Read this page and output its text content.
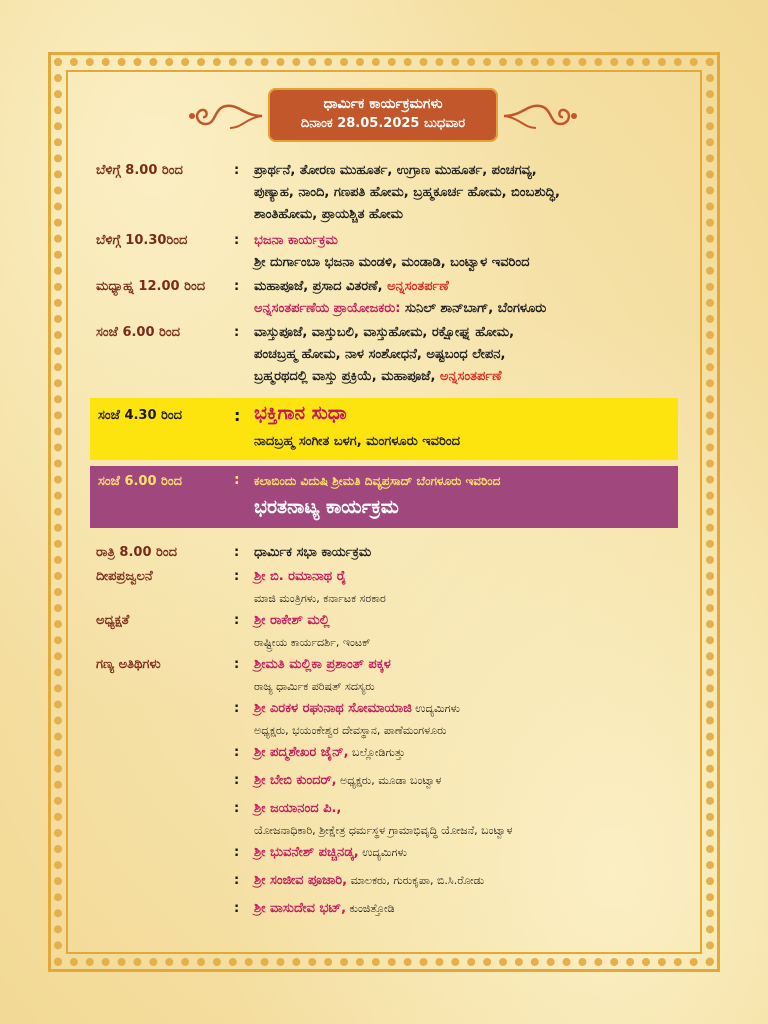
ಧಾರ್ಮಿಕ ಕಾರ್ಯಕ್ರಮಗಳು
ದಿನಾಂಕ 28.05.2025 ಬುಧವಾರ
ಬೆಳಿಗ್ಗೆ 8.00 ರಿಂದ	: ಪ್ರಾರ್ಥನೆ, ತೋರಣ ಮುಹೂರ್ತ, ಉಗ್ರಾಣ ಮುಹೂರ್ತ, ಪಂಚಗವ್ಯ,
ಪುಣ್ಯಾಹ, ನಾಂದಿ, ಗಣಪತಿ ಹೋಮ, ಬ್ರಹ್ಮಕೂರ್ಚ ಹೋಮ, ಬಿಂಬಶುದ್ಧಿ,
ಶಾಂತಿಹೋಮ, ಪ್ರಾಯಶ್ಚಿತ ಹೋಮ
ಬೆಳಿಗ್ಗೆ 10.30ರಿಂದ	: ಭಜನಾ ಕಾರ್ಯಕ್ರಮ
ಶ್ರೀ ದುರ್ಗಾಂಬಾ ಭಜನಾ ಮಂಡಳಿ, ಮಂಡಾಡಿ, ಬಂಟ್ವಾಳ ಇವರಿಂದ
ಮಧ್ಯಾಹ್ನ 12.00 ರಿಂದ	: ಮಹಾಪೂಜೆ, ಪ್ರಸಾದ ವಿತರಣೆ, ಅನ್ನಸಂತರ್ಪಣೆ
ಅನ್ನಸಂತರ್ಪಣೆಯ ಪ್ರಾಯೋಜಕರು: ಸುನಿಲ್ ಶಾನ್‌ಬಾಗ್, ಬೆಂಗಳೂರು
ಸಂಜೆ 6.00 ರಿಂದ	: ವಾಸ್ತುಪೂಜೆ, ವಾಸ್ತುಬಲಿ, ವಾಸ್ತುಹೋಮ, ರಕ್ಷೋಘ್ನ ಹೋಮ,
ಪಂಚಬ್ರಹ್ಮ ಹೋಮ, ನಾಳ ಸಂಶೋಧನೆ, ಅಷ್ಟಬಂಧ ಲೇಪನ,
ಬ್ರಹ್ಮರಥದಲ್ಲಿ ವಾಸ್ತು ಪ್ರಕ್ರಿಯೆ, ಮಹಾಪೂಜೆ, ಅನ್ನಸಂತರ್ಪಣೆ
ಸಂಜೆ 4.30 ರಿಂದ	: ಭಕ್ತಿಗಾನ ಸುಧಾ
ನಾದಬ್ರಹ್ಮ ಸಂಗೀತ ಬಳಗ, ಮಂಗಳೂರು ಇವರಿಂದ
ಸಂಜೆ 6.00 ರಿಂದ	: ಕಲಾಬಿಂದು ವಿದುಷಿ ಶ್ರೀಮತಿ ದಿವ್ಯಪ್ರಸಾದ್ ಬೆಂಗಳೂರು ಇವರಿಂದ
ಭರತನಾಟ್ಯ ಕಾರ್ಯಕ್ರಮ
ರಾತ್ರಿ 8.00 ರಿಂದ	: ಧಾರ್ಮಿಕ ಸಭಾ ಕಾರ್ಯಕ್ರಮ
ದೀಪಪ್ರಜ್ವಲನೆ	: ಶ್ರೀ ಬಿ. ರಮಾನಾಥ ರೈ
ಮಾಜಿ ಮಂತ್ರಿಗಳು, ಕರ್ನಾಟಕ ಸರಕಾರ
ಅಧ್ಯಕ್ಷತೆ	: ಶ್ರೀ ರಾಕೇಶ್ ಮಲ್ಲಿ
ರಾಷ್ಟ್ರೀಯ ಕಾರ್ಯದರ್ಶಿ, ಇಂಟಕ್
ಗಣ್ಯ ಅತಿಥಿಗಳು	: ಶ್ರೀಮತಿ ಮಲ್ಲಿಕಾ ಪ್ರಶಾಂತ್ ಪಕ್ಕಳ
ರಾಜ್ಯ ಧಾರ್ಮಿಕ ಪರಿಷತ್ ಸದಸ್ಯರು
: ಶ್ರೀ ಎರಕಳ ರಘುನಾಥ ಸೋಮಾಯಾಜಿ ಉದ್ಯಮಿಗಳು
ಅಧ್ಯಕ್ಷರು, ಭಯಂಕೇಶ್ವರ ದೇವಸ್ಥಾನ, ಪಾಣೆಮಂಗಳೂರು
: ಶ್ರೀ ಪದ್ಮಶೇಖರ ಜೈನ್, ಬಲ್ಲೋಡಿಗುತ್ತು
: ಶ್ರೀ ಬೇಬಿ ಕುಂದರ್, ಅಧ್ಯಕ್ಷರು, ಮೂಡಾ ಬಂಟ್ವಾಳ
: ಶ್ರೀ ಜಯಾನಂದ ಪಿ.,
ಯೋಜನಾಧಿಕಾರಿ, ಶ್ರೀಕ್ಷೇತ್ರ ಧರ್ಮಸ್ಥಳ ಗ್ರಾಮಾಭಿವೃದ್ಧಿ ಯೋಜನೆ, ಬಂಟ್ವಾಳ
: ಶ್ರೀ ಭುವನೇಶ್ ಪಚ್ಚಿನಡ್ಕ, ಉದ್ಯಮಿಗಳು
: ಶ್ರೀ ಸಂಜೀವ ಪೂಜಾರಿ, ಮಾಲಕರು, ಗುರುಕೃಪಾ, ಬಿ.ಸಿ.ರೋಡು
: ಶ್ರೀ ವಾಸುದೇವ ಭಟ್, ಕುಂಜಿತ್ತೋಡಿ
